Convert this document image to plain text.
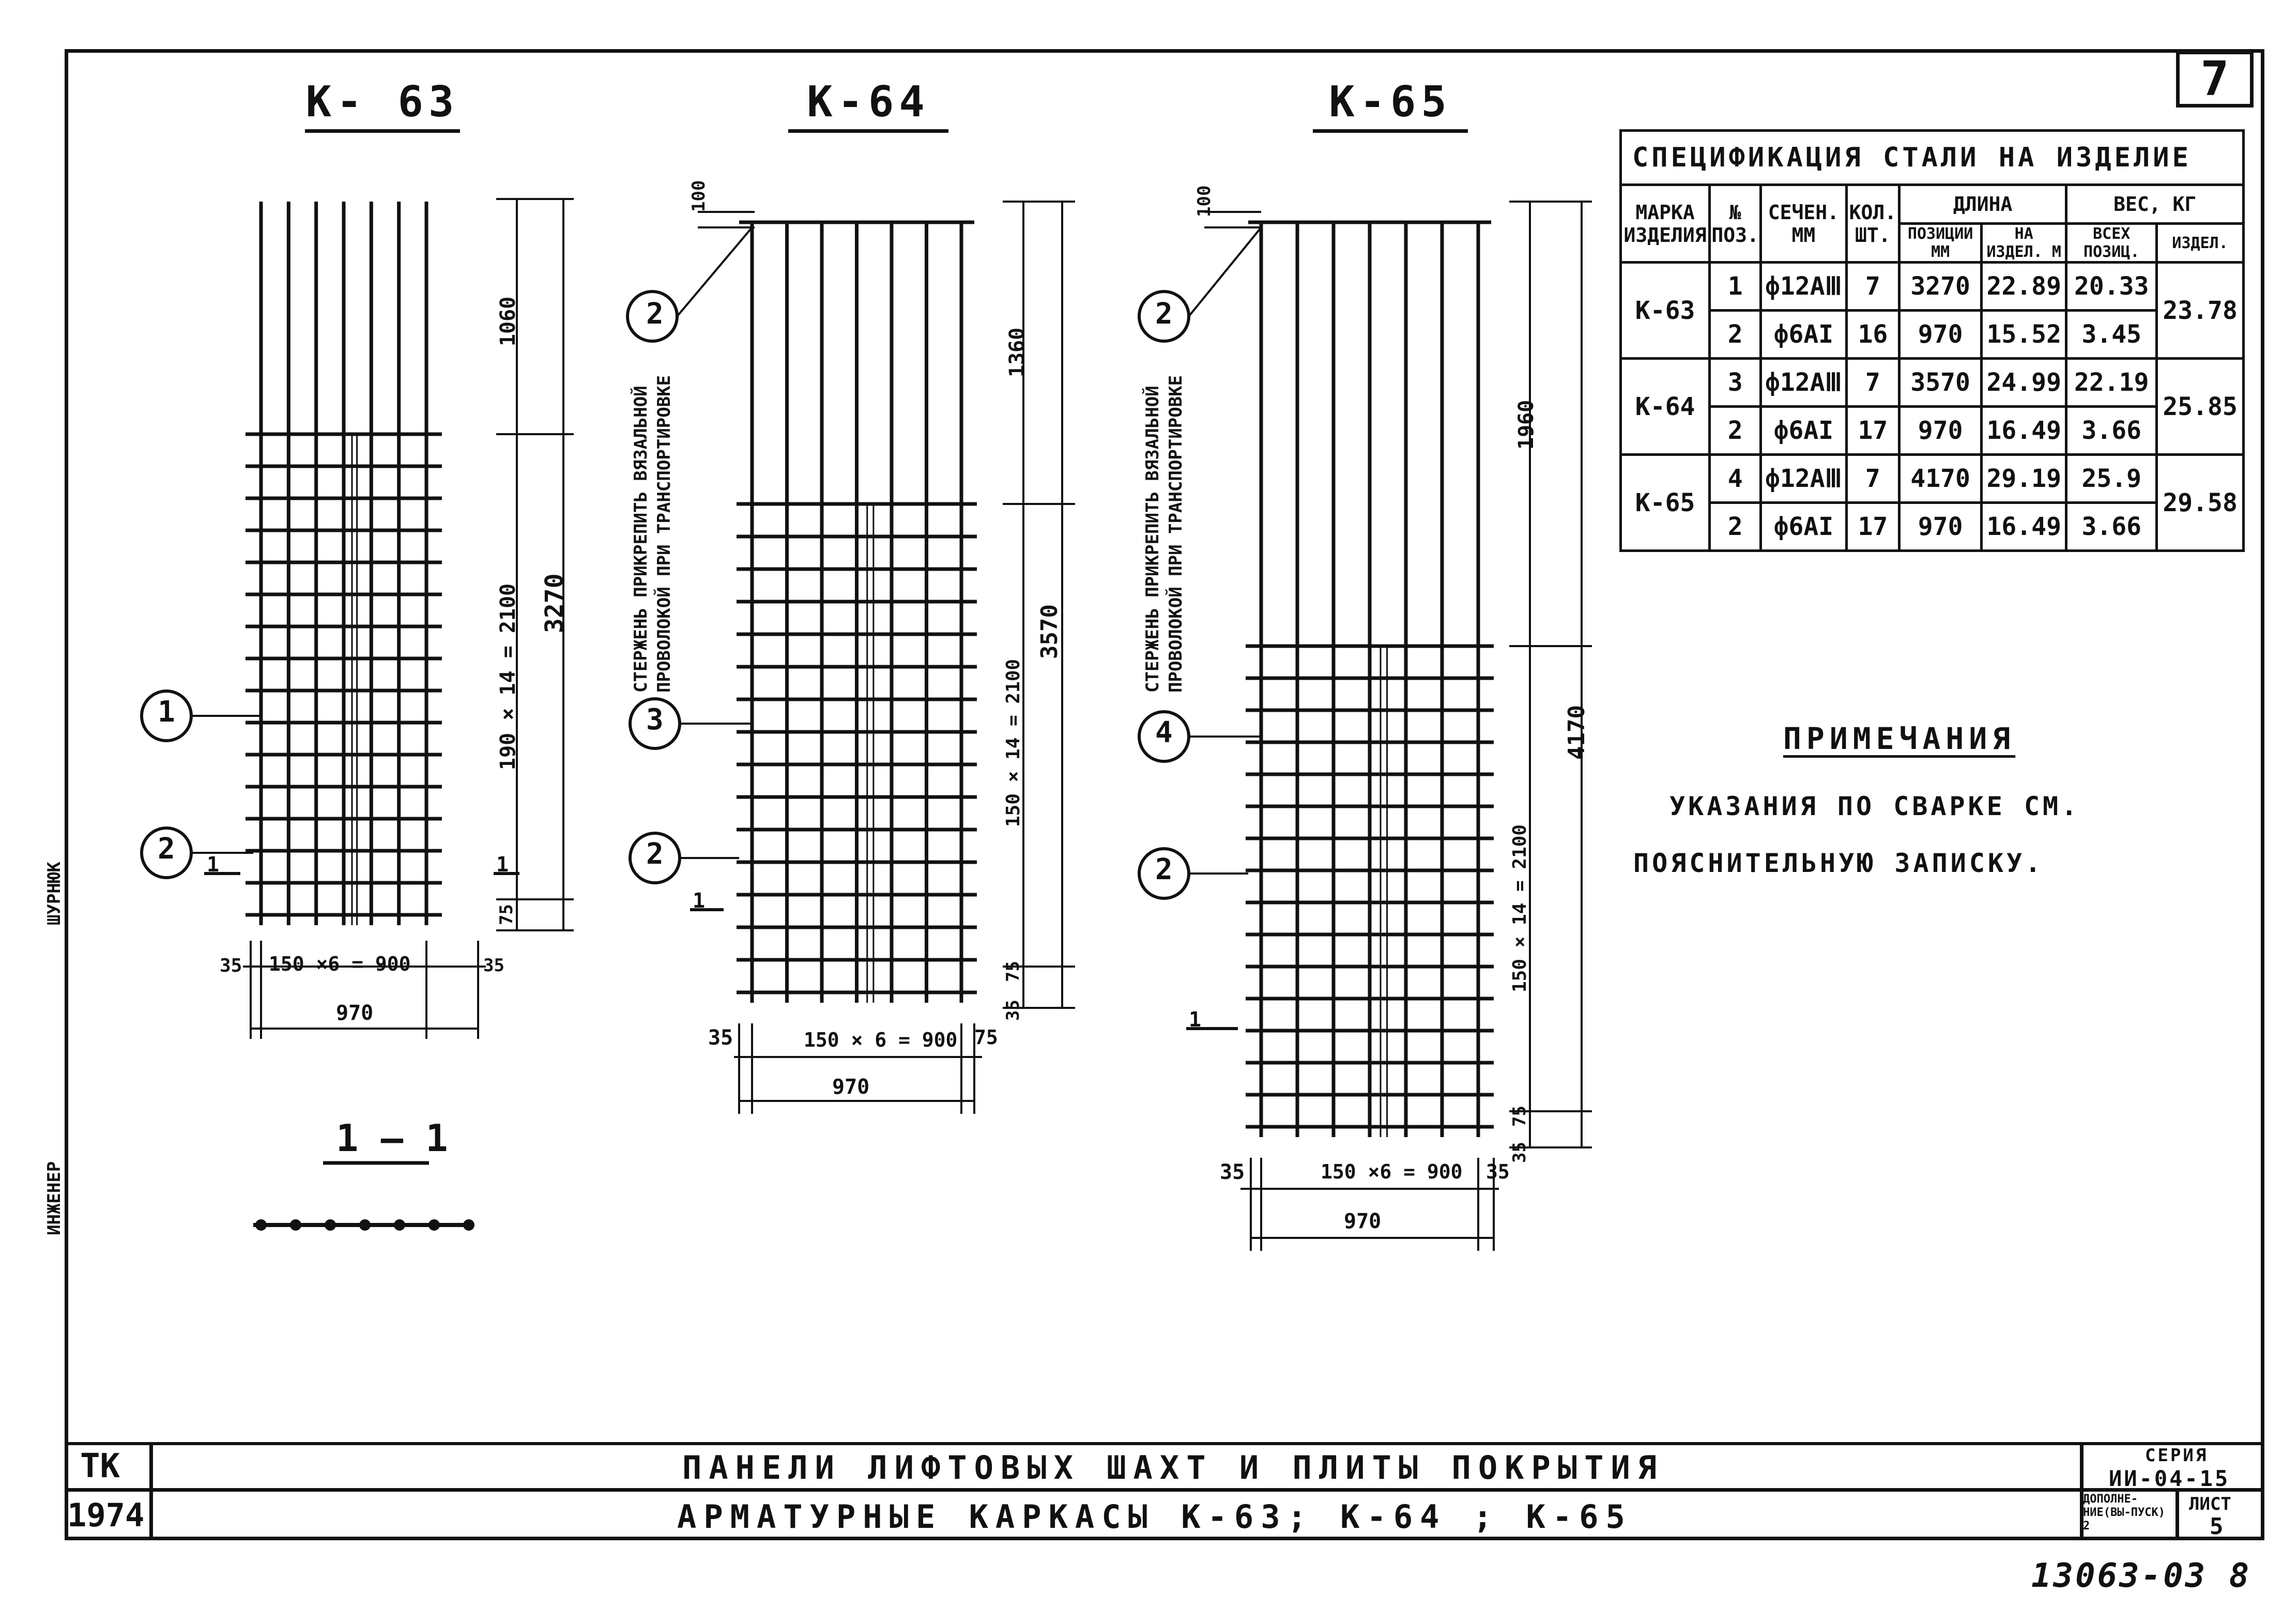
7
К- 63	К-64	К-65
1060
3270
190 × 14 = 2100
75
35 150 ×6 = 900	35
970
100
1360
3570
150 × 14 = 2100
75
35
35	150 × 6 = 900 75
970
100
1960
4170
150 × 14 = 2100
75
35
35	150 ×6 = 900 35
970
1
2
3
2
2
4
2
2
СТЕРЖЕНЬ ПРИКРЕПИТЬ ВЯЗАЛЬНОЙ ПРОВОЛОКОЙ ПРИ ТРАНСПОРТИРОВКЕ	СТЕРЖЕНЬ ПРИКРЕПИТЬ ВЯЗАЛЬНОЙ ПРОВОЛОКОЙ ПРИ ТРАНСПОРТИРОВКЕ
1	1
1
1
1 – 1
СПЕЦИФИКАЦИЯ СТАЛИ НА ИЗДЕЛИЕ							
МАРКА ИЗДЕЛИЯ	№ ПОЗ.	СЕЧЕН. ММ	КОЛ. ШТ.	ДЛИНА		ВЕС, КГ	
				ПОЗИЦИИ ММ	НА ИЗДЕЛ. М	ВСЕХ ПОЗИЦ.	ИЗДЕЛ.
К-63	1	ф12АⅢ	7	3270	22.89	20.33	23.78
	2	ф6АI	16	970	15.52	3.45	
К-64	3	ф12АⅢ	7	3570	24.99	22.19	25.85
	2	ф6АI	17	970	16.49	3.66	
К-65	4	ф12АⅢ	7	4170	29.19	25.9	29.58
	2	ф6АI	17	970	16.49	3.66	
ПРИМЕЧАНИЯ
УКАЗАНИЯ ПО СВАРКЕ СМ. ПОЯСНИТЕЛЬНУЮ ЗАПИСКУ.
ИНЖЕНЕР
ШУРНЮК
ТК
1974
ПАНЕЛИ ЛИФТОВЫХ ШАХТ И ПЛИТЫ ПОКРЫТИЯ
АРМАТУРНЫЕ КАРКАСЫ К-63; К-64 ; К-65
СЕРИЯ
ИИ-04-15
ДОПОЛНЕ-НИЕ(ВЫ-ПУСК) 2
ЛИСТ
5
13063-03 8
